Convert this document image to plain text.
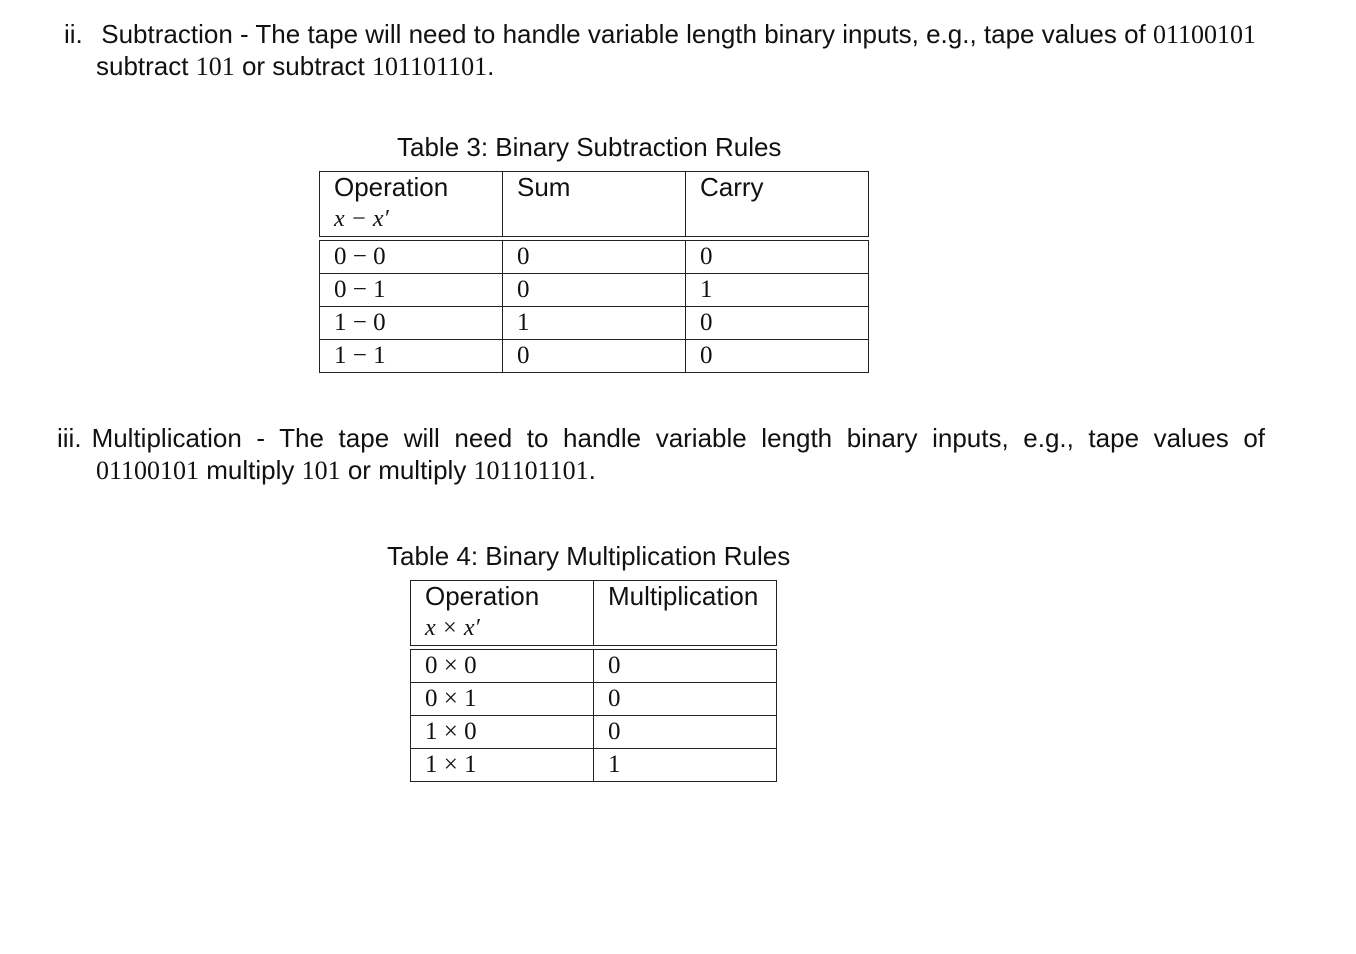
ii. Subtraction - The tape will need to handle variable length binary inputs, e.g., tape values of 01100101
subtract 101 or subtract 101101101.
Table 3: Binary Subtraction Rules
Operation
x − x′	Sum	Carry

0 − 0	0	0
0 − 1	0	1
1 − 0	1	0
1 − 1	0	0
iii. Multiplication - The tape will need to handle variable length binary inputs, e.g., tape values of
01100101 multiply 101 or multiply 101101101.
Table 4: Binary Multiplication Rules
Operation
x × x′	Multiplication

0 × 0	0
0 × 1	0
1 × 0	0
1 × 1	1
